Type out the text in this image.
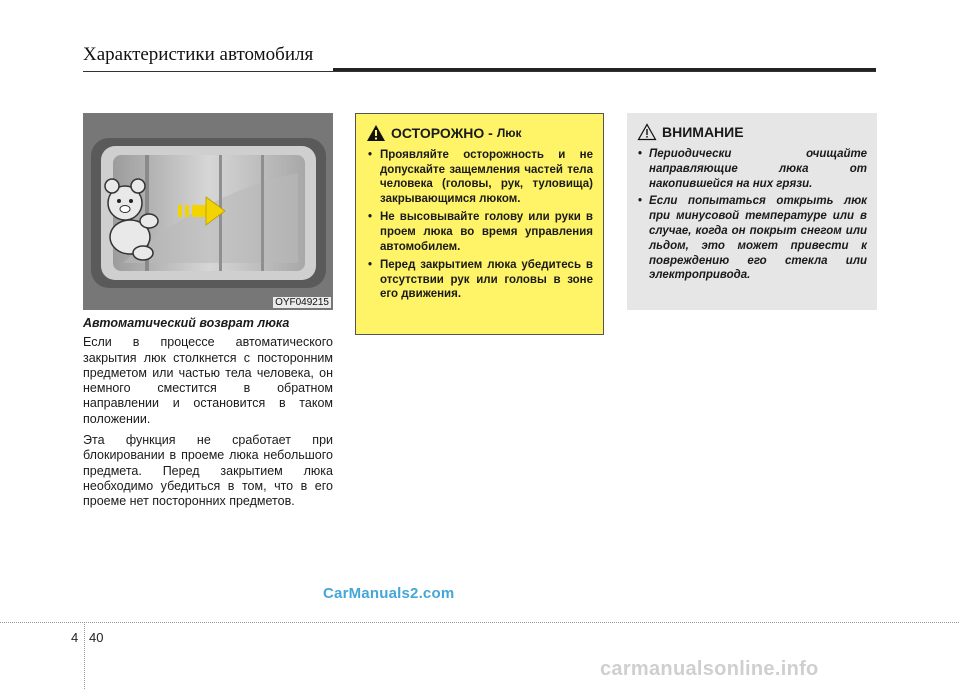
Характеристики автомобиля
OYF049215
Автоматический возврат люка

Если в процессе автоматического закрытия люк столкнется с посторонним предметом или частью тела человека, он немного сместится в обратном направлении и остановится в таком положении.

Эта функция не сработает при блокировании в проеме люка небольшого предмета. Перед закрытием люка необходимо убедиться в том, что в его проеме нет посторонних предметов.

ОСТОРОЖНО - Люк
• Проявляйте осторожность и не допускайте защемления частей тела человека (головы, рук, туловища) закрывающимся люком.
• Не высовывайте голову или руки в проем люка во время управления автомобилем.
• Перед закрытием люка убедитесь в отсутствии рук или головы в зоне его движения.
ВНИМАНИЕ
• Периодически очищайте направляющие люка от накопившейся на них грязи.
• Если попытаться открыть люк при минусовой температуре или в случае, когда он покрыт снегом или льдом, это может привести к повреждению его стекла или электропривода.
CarManuals2.com
4 40
carmanualsonline.info
